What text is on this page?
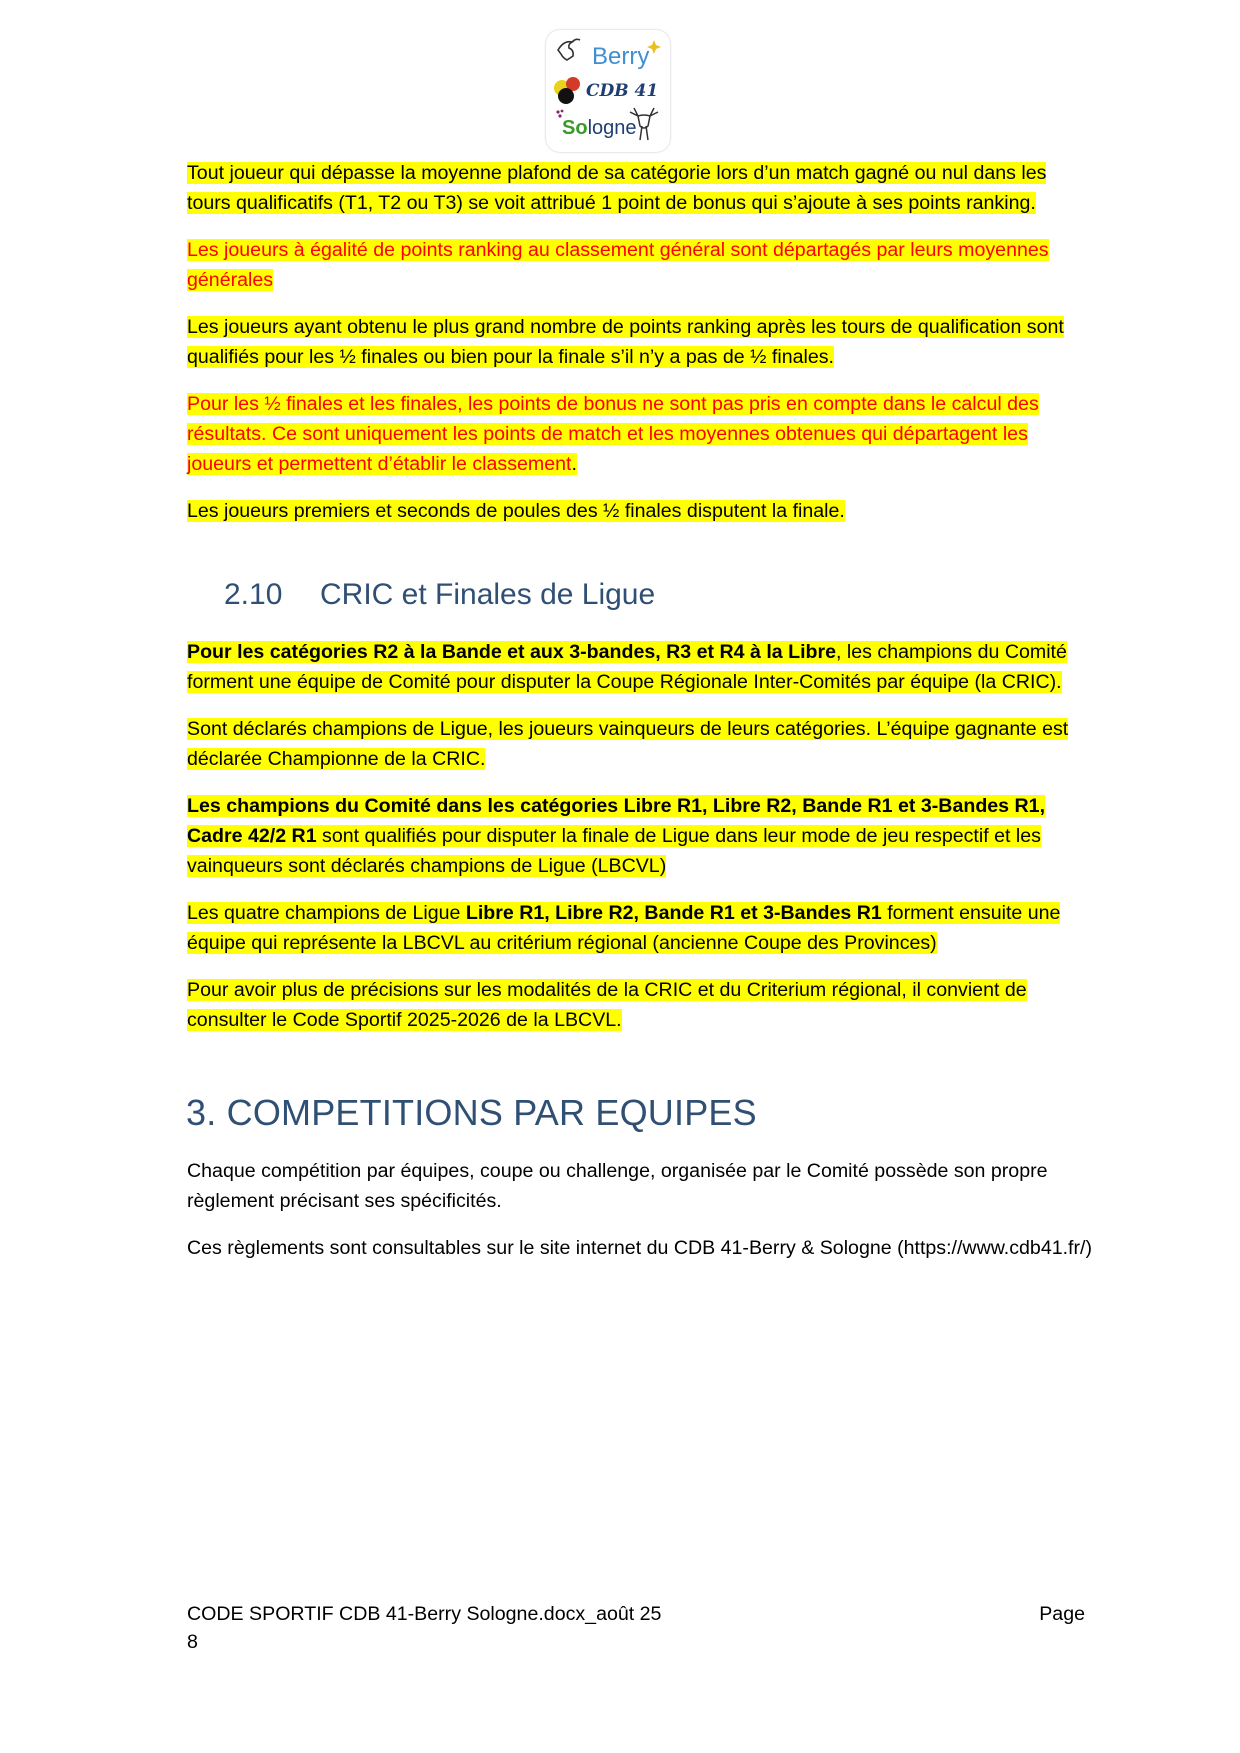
Berry
CDB 41
Sologne

Tout joueur qui dépasse la moyenne plafond de sa catégorie lors d’un match gagné ou nul dans les tours qualificatifs (T1, T2 ou T3) se voit attribué 1 point de bonus qui s’ajoute à ses points ranking.

Les joueurs à égalité de points ranking au classement général sont départagés par leurs moyennes générales

Les joueurs ayant obtenu le plus grand nombre de points ranking après les tours de qualification sont qualifiés pour les ½ finales ou bien pour la finale s’il n’y a pas de ½ finales.

Pour les ½ finales et les finales, les points de bonus ne sont pas pris en compte dans le calcul des résultats. Ce sont uniquement les points de match et les moyennes obtenues qui départagent les joueurs et permettent d’établir le classement.

Les joueurs premiers et seconds de poules des ½ finales disputent la finale.

2.10 CRIC et Finales de Ligue

Pour les catégories R2 à la Bande et aux 3-bandes, R3 et R4 à la Libre, les champions du Comité forment une équipe de Comité pour disputer la Coupe Régionale Inter-Comités par équipe (la CRIC).

Sont déclarés champions de Ligue, les joueurs vainqueurs de leurs catégories. L’équipe gagnante est déclarée Championne de la CRIC.

Les champions du Comité dans les catégories Libre R1, Libre R2, Bande R1 et 3-Bandes R1, Cadre 42/2 R1 sont qualifiés pour disputer la finale de Ligue dans leur mode de jeu respectif et les vainqueurs sont déclarés champions de Ligue (LBCVL)

Les quatre champions de Ligue Libre R1, Libre R2, Bande R1 et 3-Bandes R1 forment ensuite une équipe qui représente la LBCVL au critérium régional (ancienne Coupe des Provinces)

Pour avoir plus de précisions sur les modalités de la CRIC et du Criterium régional, il convient de consulter le Code Sportif 2025-2026 de la LBCVL.

3. COMPETITIONS PAR EQUIPES

Chaque compétition par équipes, coupe ou challenge, organisée par le Comité possède son propre règlement précisant ses spécificités.

Ces règlements sont consultables sur le site internet du CDB 41-Berry & Sologne (https://www.cdb41.fr/)

CODE SPORTIF CDB 41-Berry Sologne.docx_août 25	Page
8
